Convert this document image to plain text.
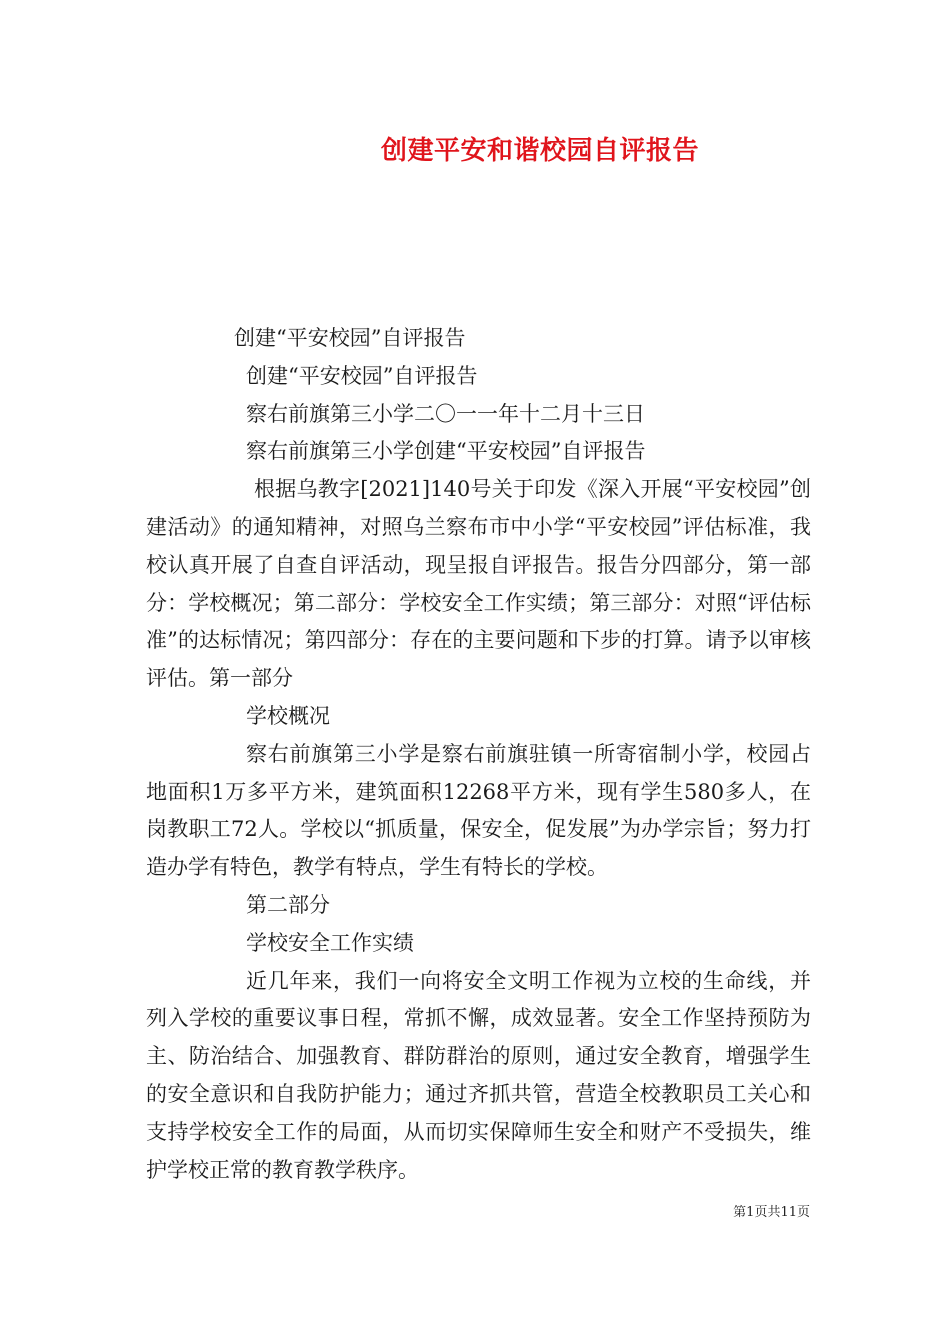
创建平安和谐校园自评报告

创建“平安校园”自评报告

创建“平安校园”自评报告

察右前旗第三小学二〇一一年十二月十三日

察右前旗第三小学创建“平安校园”自评报告

根据乌教字[2021]140号关于印发《深入开展“平安校园”创建活动》的通知精神，对照乌兰察布市中小学“平安校园”评估标准，我校认真开展了自查自评活动，现呈报自评报告。报告分四部分，第一部分：学校概况；第二部分：学校安全工作实绩；第三部分：对照“评估标准”的达标情况；第四部分：存在的主要问题和下步的打算。请予以审核评估。第一部分

学校概况

察右前旗第三小学是察右前旗驻镇一所寄宿制小学，校园占地面积1万多平方米，建筑面积12268平方米，现有学生580多人，在岗教职工72人。学校以“抓质量，保安全，促发展”为办学宗旨；努力打造办学有特色，教学有特点，学生有特长的学校。

第二部分

学校安全工作实绩

近几年来，我们一向将安全文明工作视为立校的生命线，并列入学校的重要议事日程，常抓不懈，成效显著。安全工作坚持预防为主、防治结合、加强教育、群防群治的原则，通过安全教育，增强学生的安全意识和自我防护能力；通过齐抓共管，营造全校教职员工关心和支持学校安全工作的局面，从而切实保障师生安全和财产不受损失，维护学校正常的教育教学秩序。

第1页共11页
